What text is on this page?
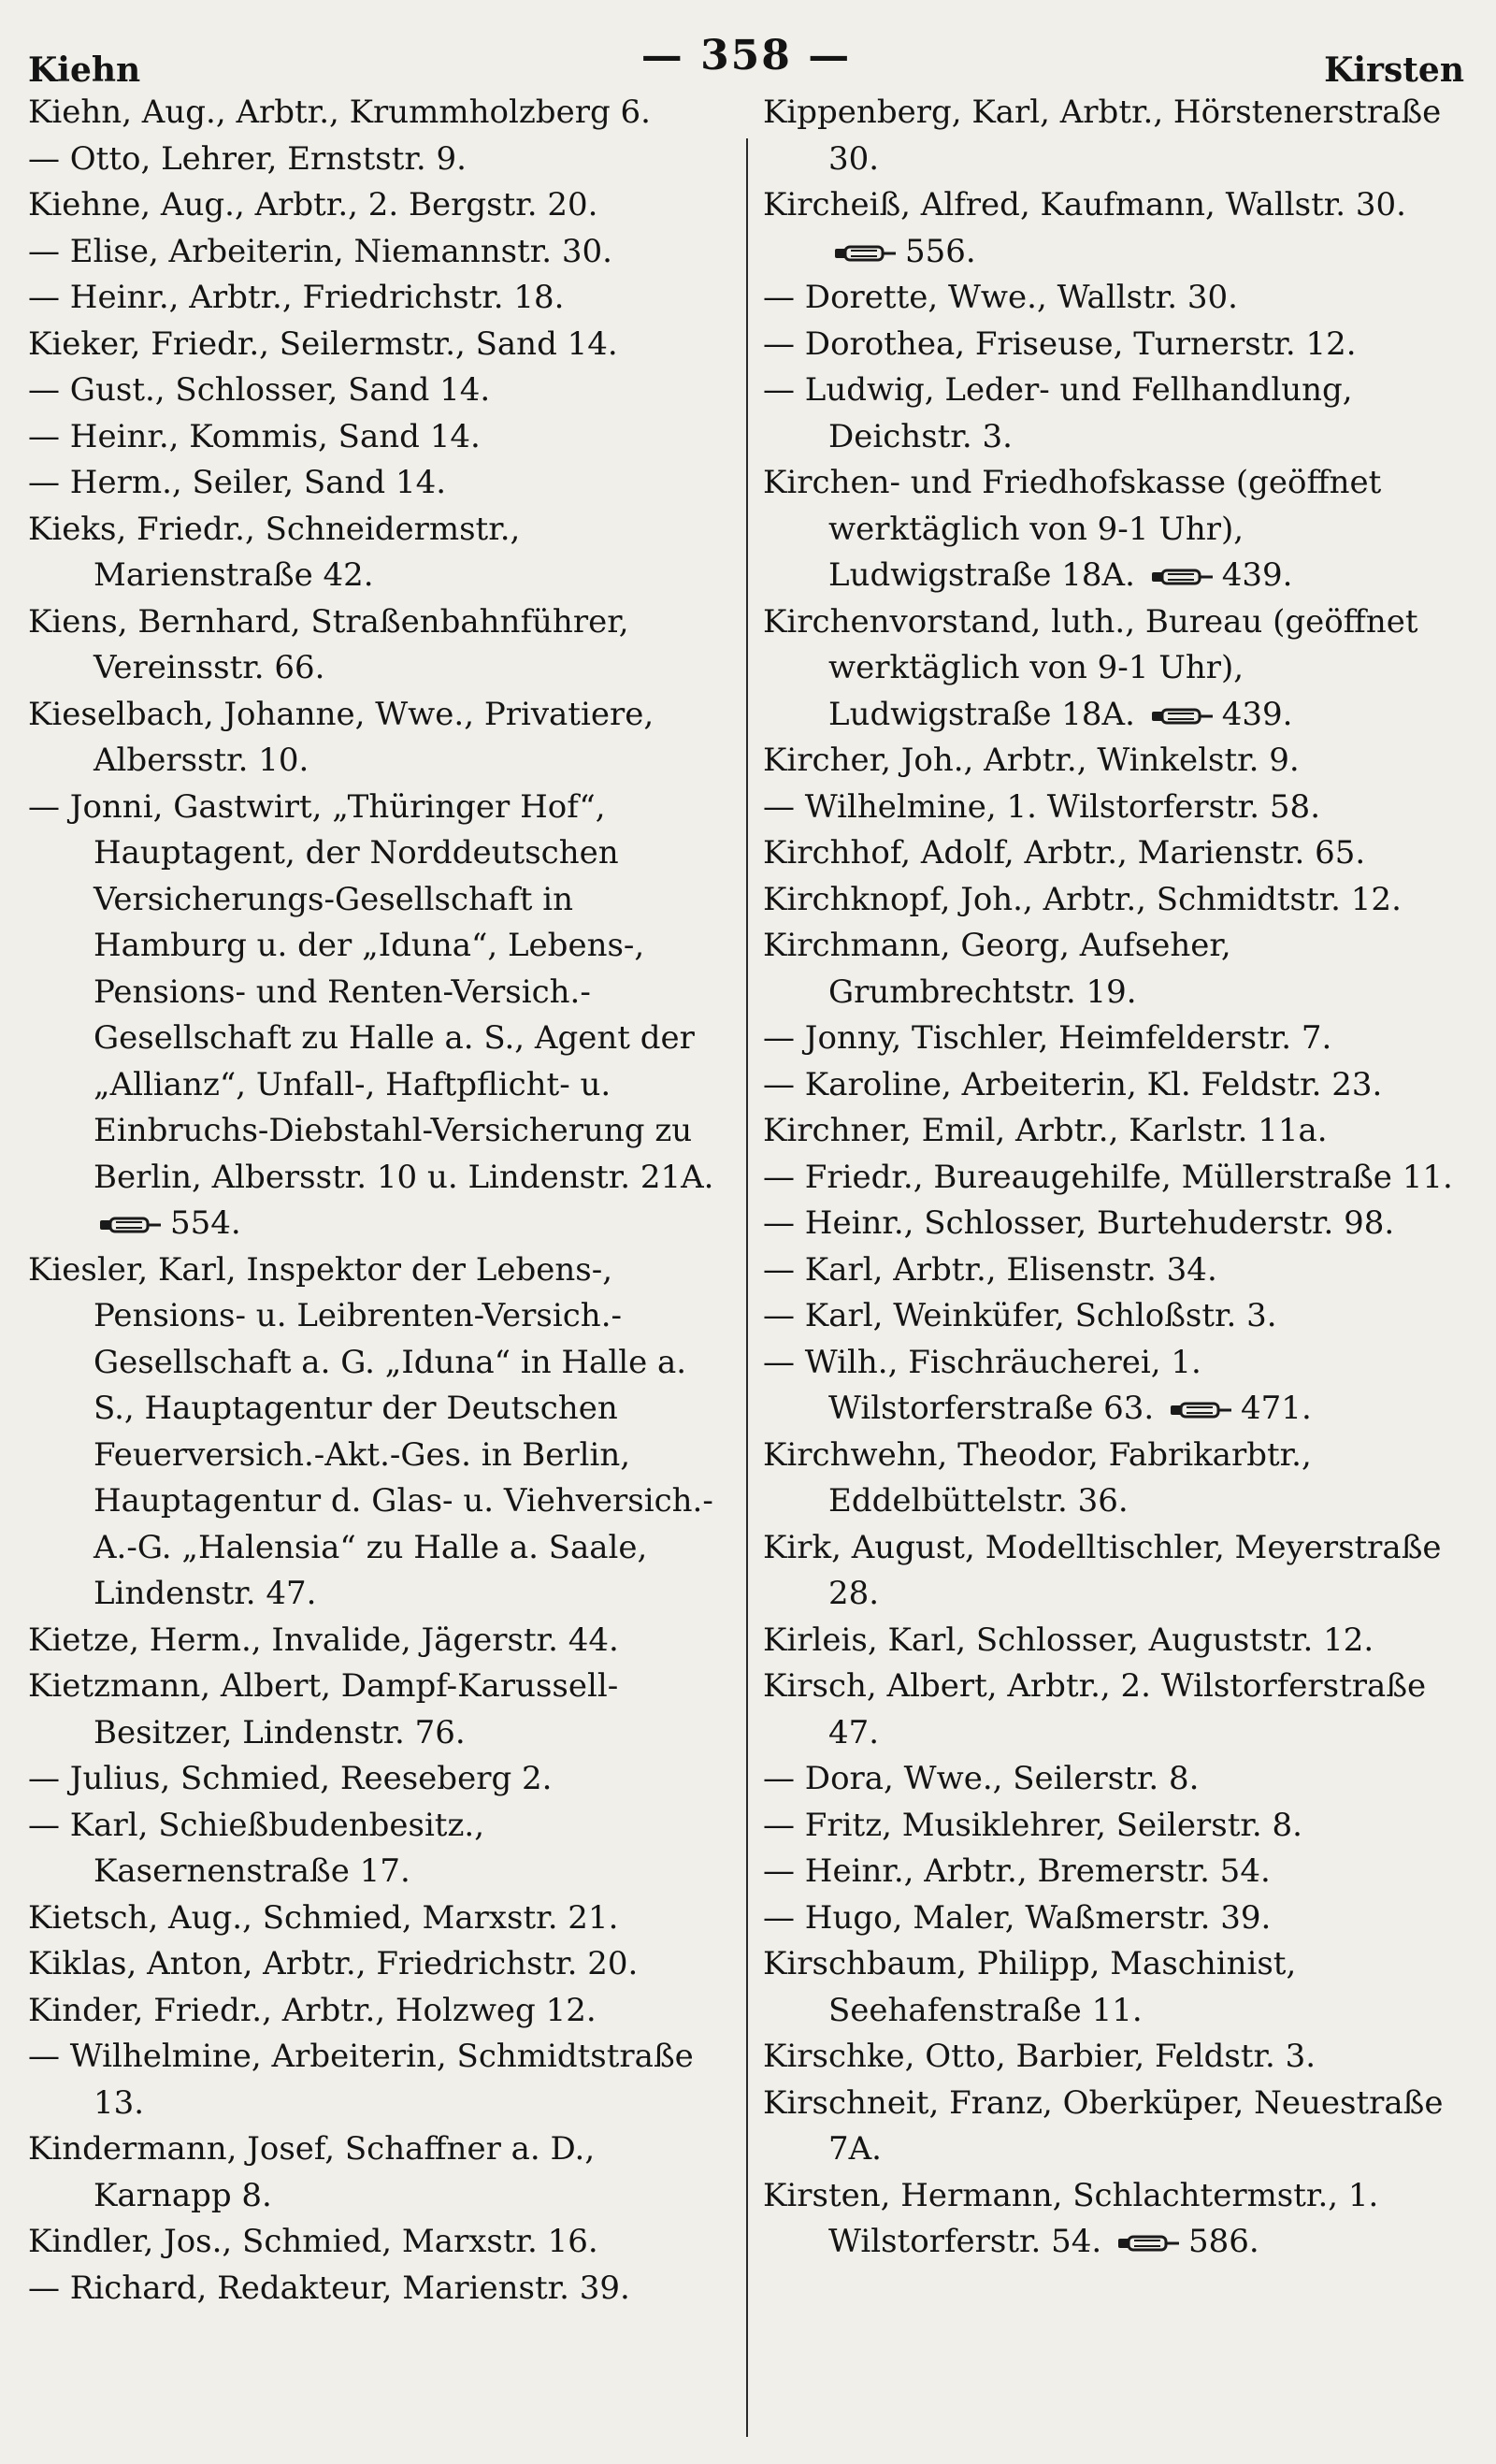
Kiehn	— 358 —	Kirsten
Kiehn, Aug., Arbtr., Krummholzberg 6.
— Otto, Lehrer, Ernststr. 9.
Kiehne, Aug., Arbtr., 2. Bergstr. 20.
— Elise, Arbeiterin, Niemannstr. 30.
— Heinr., Arbtr., Friedrichstr. 18.
Kieker, Friedr., Seilermstr., Sand 14.
— Gust., Schlosser, Sand 14.
— Heinr., Kommis, Sand 14.
— Herm., Seiler, Sand 14.
Kieks, Friedr., Schneidermstr., Marienstraße 42.
Kiens, Bernhard, Straßenbahnführer, Vereinsstr. 66.
Kieselbach, Johanne, Wwe., Privatiere, Albersstr. 10.
— Jonni, Gastwirt, „Thüringer Hof“, Hauptagent, der Norddeutschen Versicherungs-Gesellschaft in Hamburg u. der „Iduna“, Lebens-, Pensions- und Renten-Versich.-Gesellschaft zu Halle a. S., Agent der „Allianz“, Unfall-, Haftpflicht- u. Einbruchs-Diebstahl-Versicherung zu Berlin, Albersstr. 10 u. Lindenstr. 21A.
554.
Kiesler, Karl, Inspektor der Lebens-, Pensions- u. Leibrenten-Versich.-Gesellschaft a. G. „Iduna“ in Halle a. S., Hauptagentur der Deutschen Feuerversich.-Akt.-Ges. in Berlin, Hauptagentur d. Glas- u. Viehversich.-A.-G. „Halensia“ zu Halle a. Saale, Lindenstr. 47.
Kietze, Herm., Invalide, Jägerstr. 44.
Kietzmann, Albert, Dampf-Karussell-Besitzer, Lindenstr. 76.
— Julius, Schmied, Reeseberg 2.
— Karl, Schießbudenbesitz., Kasernenstraße 17.
Kietsch, Aug., Schmied, Marxstr. 21.
Kiklas, Anton, Arbtr., Friedrichstr. 20.
Kinder, Friedr., Arbtr., Holzweg 12.
— Wilhelmine, Arbeiterin, Schmidtstraße 13.
Kindermann, Josef, Schaffner a. D., Karnapp 8.
Kindler, Jos., Schmied, Marxstr. 16.
— Richard, Redakteur, Marienstr. 39.
Kippenberg, Karl, Arbtr., Hörstenerstraße 30.
Kircheiß, Alfred, Kaufmann, Wallstr. 30.
556.
— Dorette, Wwe., Wallstr. 30.
— Dorothea, Friseuse, Turnerstr. 12.
— Ludwig, Leder- und Fellhandlung, Deichstr. 3.
Kirchen- und Friedhofskasse (geöffnet werktäglich von 9-1 Uhr), Ludwigstraße 18A.	439.
Kirchenvorstand, luth., Bureau (geöffnet werktäglich von 9-1 Uhr), Ludwigstraße 18A.	439.
Kircher, Joh., Arbtr., Winkelstr. 9.
— Wilhelmine, 1. Wilstorferstr. 58.
Kirchhof, Adolf, Arbtr., Marienstr. 65.
Kirchknopf, Joh., Arbtr., Schmidtstr. 12.
Kirchmann, Georg, Aufseher, Grumbrechtstr. 19.
— Jonny, Tischler, Heimfelderstr. 7.
— Karoline, Arbeiterin, Kl. Feldstr. 23.
Kirchner, Emil, Arbtr., Karlstr. 11a.
— Friedr., Bureaugehilfe, Müllerstraße 11.
— Heinr., Schlosser, Burtehuderstr. 98.
— Karl, Arbtr., Elisenstr. 34.
— Karl, Weinküfer, Schloßstr. 3.
— Wilh., Fischräucherei, 1. Wilstorferstraße 63.	471.
Kirchwehn, Theodor, Fabrikarbtr., Eddelbüttelstr. 36.
Kirk, August, Modelltischler, Meyerstraße 28.
Kirleis, Karl, Schlosser, Auguststr. 12.
Kirsch, Albert, Arbtr., 2. Wilstorferstraße 47.
— Dora, Wwe., Seilerstr. 8.
— Fritz, Musiklehrer, Seilerstr. 8.
— Heinr., Arbtr., Bremerstr. 54.
— Hugo, Maler, Waßmerstr. 39.
Kirschbaum, Philipp, Maschinist, Seehafenstraße 11.
Kirschke, Otto, Barbier, Feldstr. 3.
Kirschneit, Franz, Oberküper, Neuestraße 7A.
Kirsten, Hermann, Schlachtermstr., 1. Wilstorferstr. 54.	586.
